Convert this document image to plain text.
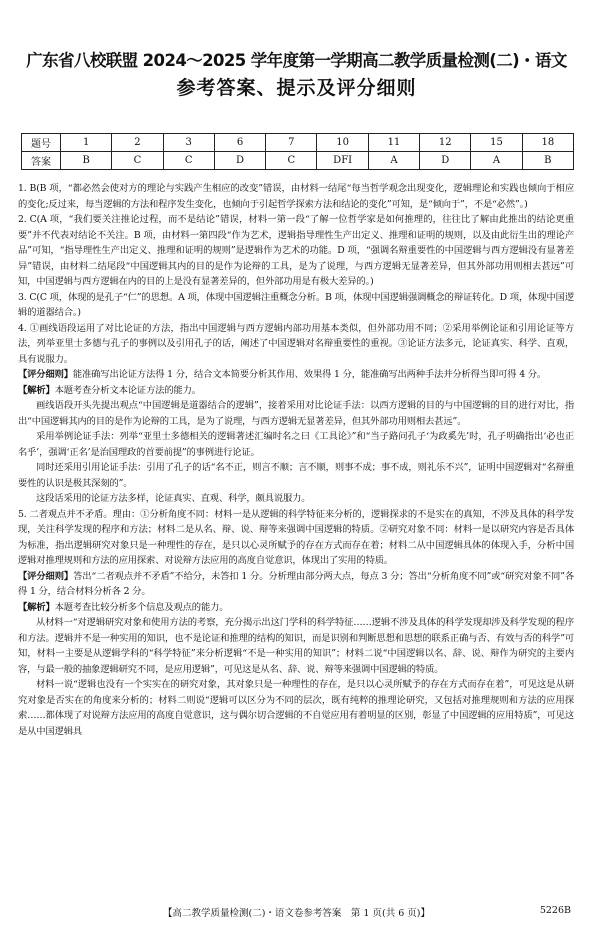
广东省八校联盟 2024～2025 学年度第一学期高二教学质量检测(二)・语文
参考答案、提示及评分细则
题号	1	2	3	6	7	10	11	12	15	18
答案	B	C	C	D	C	DFI	A	D	A	B

1. B(B 项，“都必然会使对方的理论与实践产生相应的改变”错误，由材料一结尾“每当哲学观念出现变化，逻辑理论和实践也倾向于相应的变化;反过来，每当逻辑的方法和程序发生变化，也倾向于引起哲学探索方法和结论的变化”可知，是“倾向于”，不是“必然”。)

2. C(A 项，“我们要关注推论过程，而不是结论”错误，材料一第一段“了解一位哲学家是如何推理的，往往比了解由此推出的结论更重要”并不代表对结论不关注。B 项，由材料一第四段“作为艺术，逻辑指导理性生产出定义、推理和证明的规则，以及由此衍生出的理论产品”可知，“指导理性生产出定义、推理和证明的规则”是逻辑作为艺术的功能。D 项，“强调名辩重要性的中国逻辑与西方逻辑没有显著差异”错误，由材料二结尾段“中国逻辑其内的目的是作为论辩的工具，是为了说理，与西方逻辑无显著差异，但其外部功用则相去甚远”可知，中国逻辑与西方逻辑在内的目的上是没有显著差异的，但外部功用是有极大差异的。)

3. C(C 项，体现的是孔子“仁”的思想。A 项，体现中国逻辑注重概念分析。B 项，体现中国逻辑强调概念的辩证转化。D 项，体现中国逻辑的道器结合。)

4. ①画线语段运用了对比论证的方法，指出中国逻辑与西方逻辑内部功用基本类似，但外部功用不同；②采用举例论证和引用论证等方法，列举亚里士多德与孔子的事例以及引用孔子的话，阐述了中国逻辑对名辩重要性的重视。③论证方法多元，论证真实、科学、直观，具有说服力。

【评分细则】能准确写出论证方法得 1 分，结合文本简要分析其作用、效果得 1 分，能准确写出两种手法并分析得当即可得 4 分。

【解析】本题考查分析文本论证方法的能力。

画线语段开头先提出观点“中国逻辑是道器结合的逻辑”，接着采用对比论证手法：以西方逻辑的目的与中国逻辑的目的进行对比，指出“中国逻辑其内的目的是作为论辩的工具，是为了说理，与西方逻辑无显著差异，但其外部功用则相去甚远”。

采用举例论证手法：列举“亚里士多德相关的逻辑著述汇编时名之曰《工具论》”和“当子路问孔子‘为政奚先’时，孔子明确指出‘必也正名乎’，强调‘正名’是治国理政的首要前提”的事例进行论证。

同时还采用引用论证手法：引用了孔子的话“名不正，则言不顺；言不顺，则事不成；事不成，则礼乐不兴”，证明中国逻辑对“名辩重要性的认识是极其深刻的”。

这段话采用的论证方法多样，论证真实、直观、科学，颇具说服力。

5. 二者观点并不矛盾。理由：①分析角度不同：材料一是从逻辑的科学特征来分析的，逻辑探求的不是实在的真知，不涉及具体的科学发现，关注科学发现的程序和方法；材料二是从名、辩、说、辩等来强调中国逻辑的特质。②研究对象不同：材料一是以研究内容是否具体为标准，指出逻辑研究对象只是一种理性的存在，是只以心灵所赋予的存在方式而存在着；材料二从中国逻辑具体的体现入手，分析中国逻辑对推理规则和方法的应用探索、对说辩方法应用的高度自觉意识，体现出了实用的特质。

【评分细则】答出“二者观点并不矛盾”不给分，未答扣 1 分。分析理由部分两大点，每点 3 分；答出“分析角度不同”或“研究对象不同”各得 1 分，结合材料分析各 2 分。

【解析】本题考查比较分析多个信息及观点的能力。

从材料一“对逻辑研究对象和使用方法的考察，充分揭示出这门学科的科学特征……逻辑不涉及具体的科学发现却涉及科学发现的程序和方法。逻辑并不是一种实用的知识，也不是论证和推理的结构的知识，而是识别和判断思想和思想的联系正确与否、有效与否的科学”可知，材料一主要是从逻辑学科的“科学特征”来分析逻辑“不是一种实用的知识”；材料二说“中国逻辑以名、辞、说、辩作为研究的主要内容，与最一般的抽象逻辑研究不同，是应用逻辑”，可见这是从名、辞、说、辩等来强调中国逻辑的特质。

材料一说“逻辑也没有一个实实在的研究对象，其对象只是一种理性的存在，是只以心灵所赋予的存在方式而存在着”，可见这是从研究对象是否实在的角度来分析的；材料二则说“逻辑可以区分为不同的层次，既有纯粹的推理论研究，又包括对推理规则和方法的应用探索……都体现了对说辩方法应用的高度自觉意识，这与偶尔切合逻辑的不自觉应用有着明显的区别，彰显了中国逻辑的应用特质”，可见这是从中国逻辑具

【高二教学质量检测(二)・语文卷参考答案　第 1 页(共 6 页)】	5226B
